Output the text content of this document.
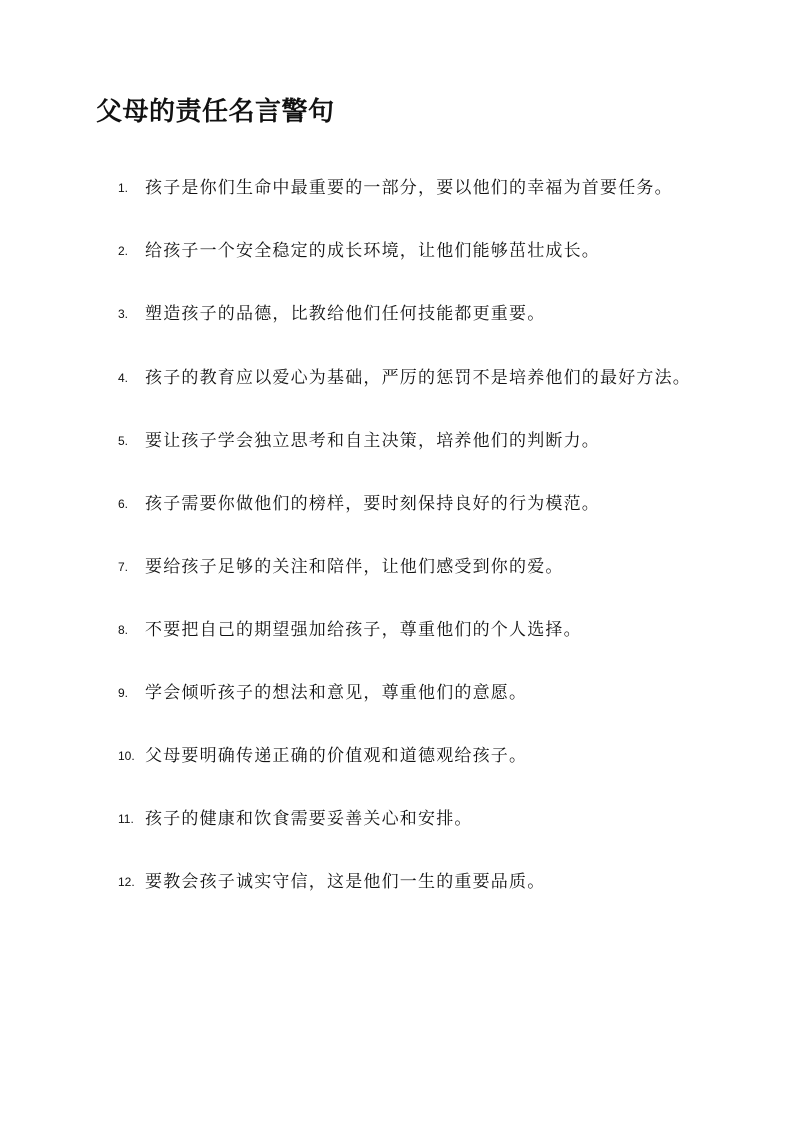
父母的责任名言警句
1. 孩子是你们生命中最重要的一部分，要以他们的幸福为首要任务。
2. 给孩子一个安全稳定的成长环境，让他们能够茁壮成长。
3. 塑造孩子的品德，比教给他们任何技能都更重要。
4. 孩子的教育应以爱心为基础，严厉的惩罚不是培养他们的最好方法。
5. 要让孩子学会独立思考和自主决策，培养他们的判断力。
6. 孩子需要你做他们的榜样，要时刻保持良好的行为模范。
7. 要给孩子足够的关注和陪伴，让他们感受到你的爱。
8. 不要把自己的期望强加给孩子，尊重他们的个人选择。
9. 学会倾听孩子的想法和意见，尊重他们的意愿。
10. 父母要明确传递正确的价值观和道德观给孩子。
11. 孩子的健康和饮食需要妥善关心和安排。
12. 要教会孩子诚实守信，这是他们一生的重要品质。
